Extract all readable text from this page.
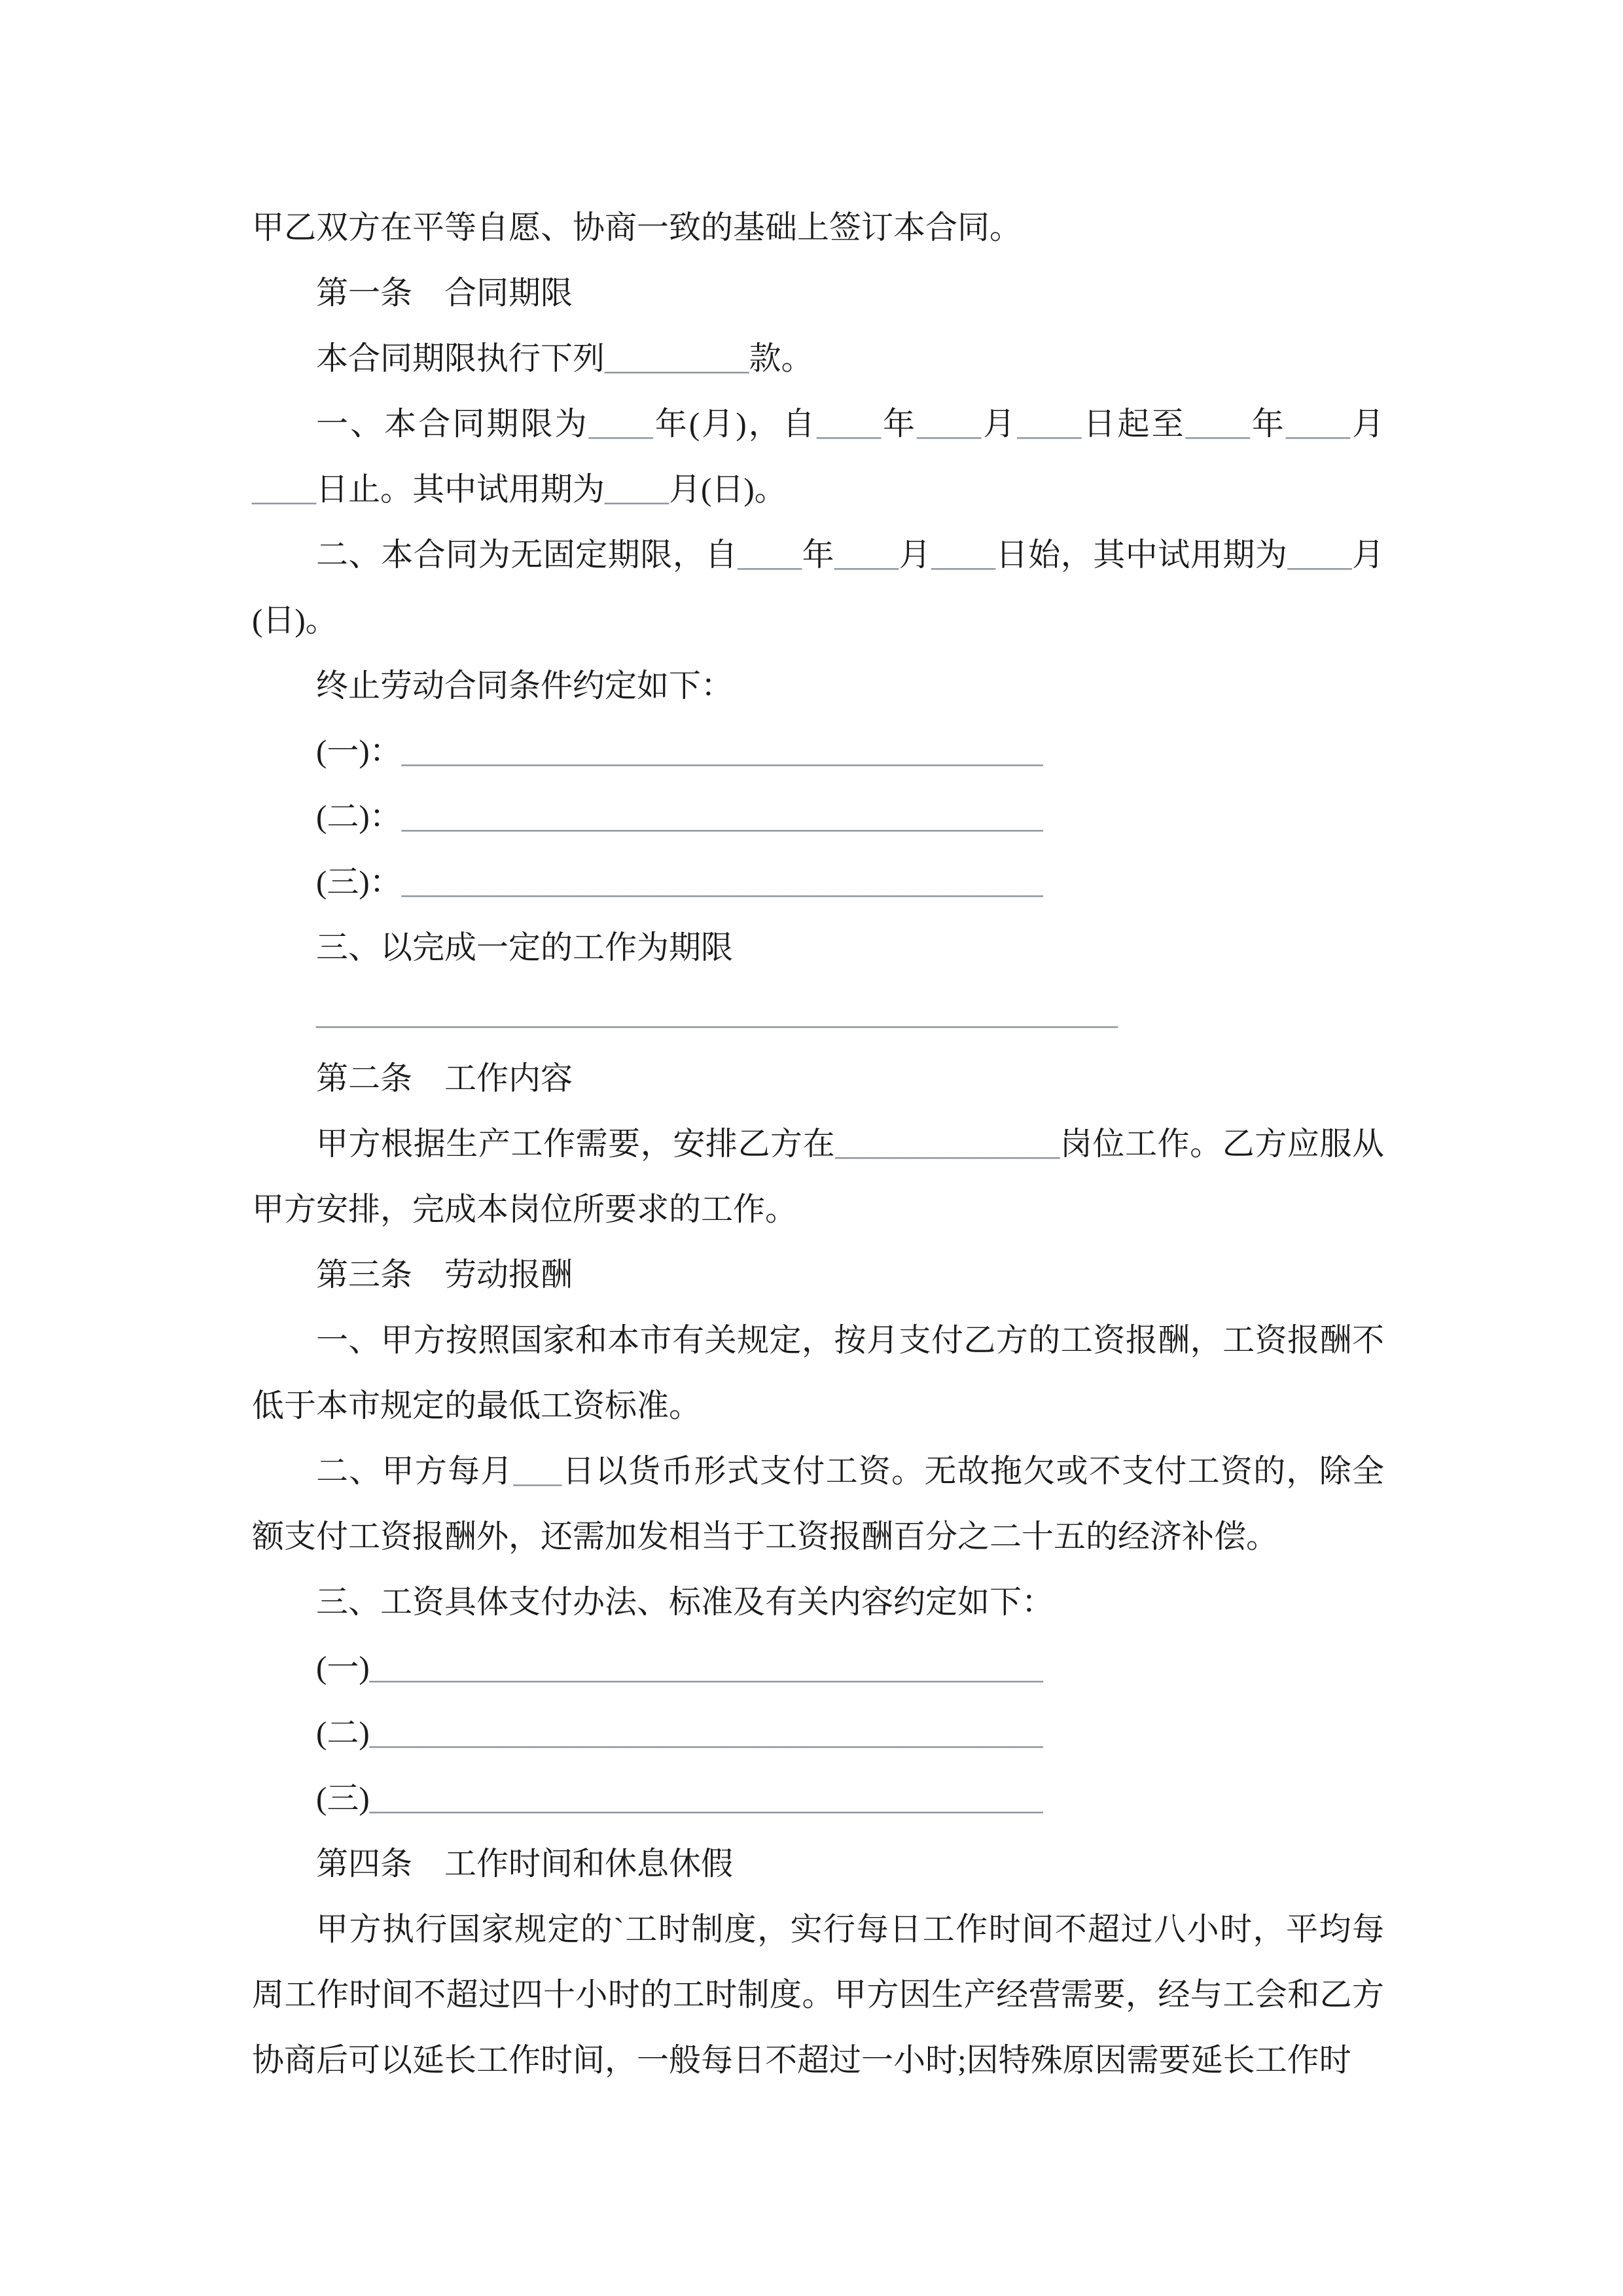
甲乙双方在平等自愿、协商一致的基础上签订本合同。

第一条　合同期限

本合同期限执行下列_________款。

一、本合同期限为____年(月)，自____年____月____日起至____年____月____日止。其中试用期为____月(日)。

二、本合同为无固定期限，自____年____月____日始，其中试用期为____月(日)。

终止劳动合同条件约定如下：

(一)：________________________________________

(二)：________________________________________

(三)：________________________________________

三、以完成一定的工作为期限

__________________________________________________

第二条　工作内容

甲方根据生产工作需要，安排乙方在______________岗位工作。乙方应服从甲方安排，完成本岗位所要求的工作。

第三条　劳动报酬

一、甲方按照国家和本市有关规定，按月支付乙方的工资报酬，工资报酬不低于本市规定的最低工资标准。

二、甲方每月___日以货币形式支付工资。无故拖欠或不支付工资的，除全额支付工资报酬外，还需加发相当于工资报酬百分之二十五的经济补偿。

三、工资具体支付办法、标准及有关内容约定如下：

(一)__________________________________________

(二)__________________________________________

(三)__________________________________________

第四条　工作时间和休息休假

甲方执行国家规定的`工时制度，实行每日工作时间不超过八小时，平均每周工作时间不超过四十小时的工时制度。甲方因生产经营需要，经与工会和乙方协商后可以延长工作时间，一般每日不超过一小时;因特殊原因需要延长工作时
